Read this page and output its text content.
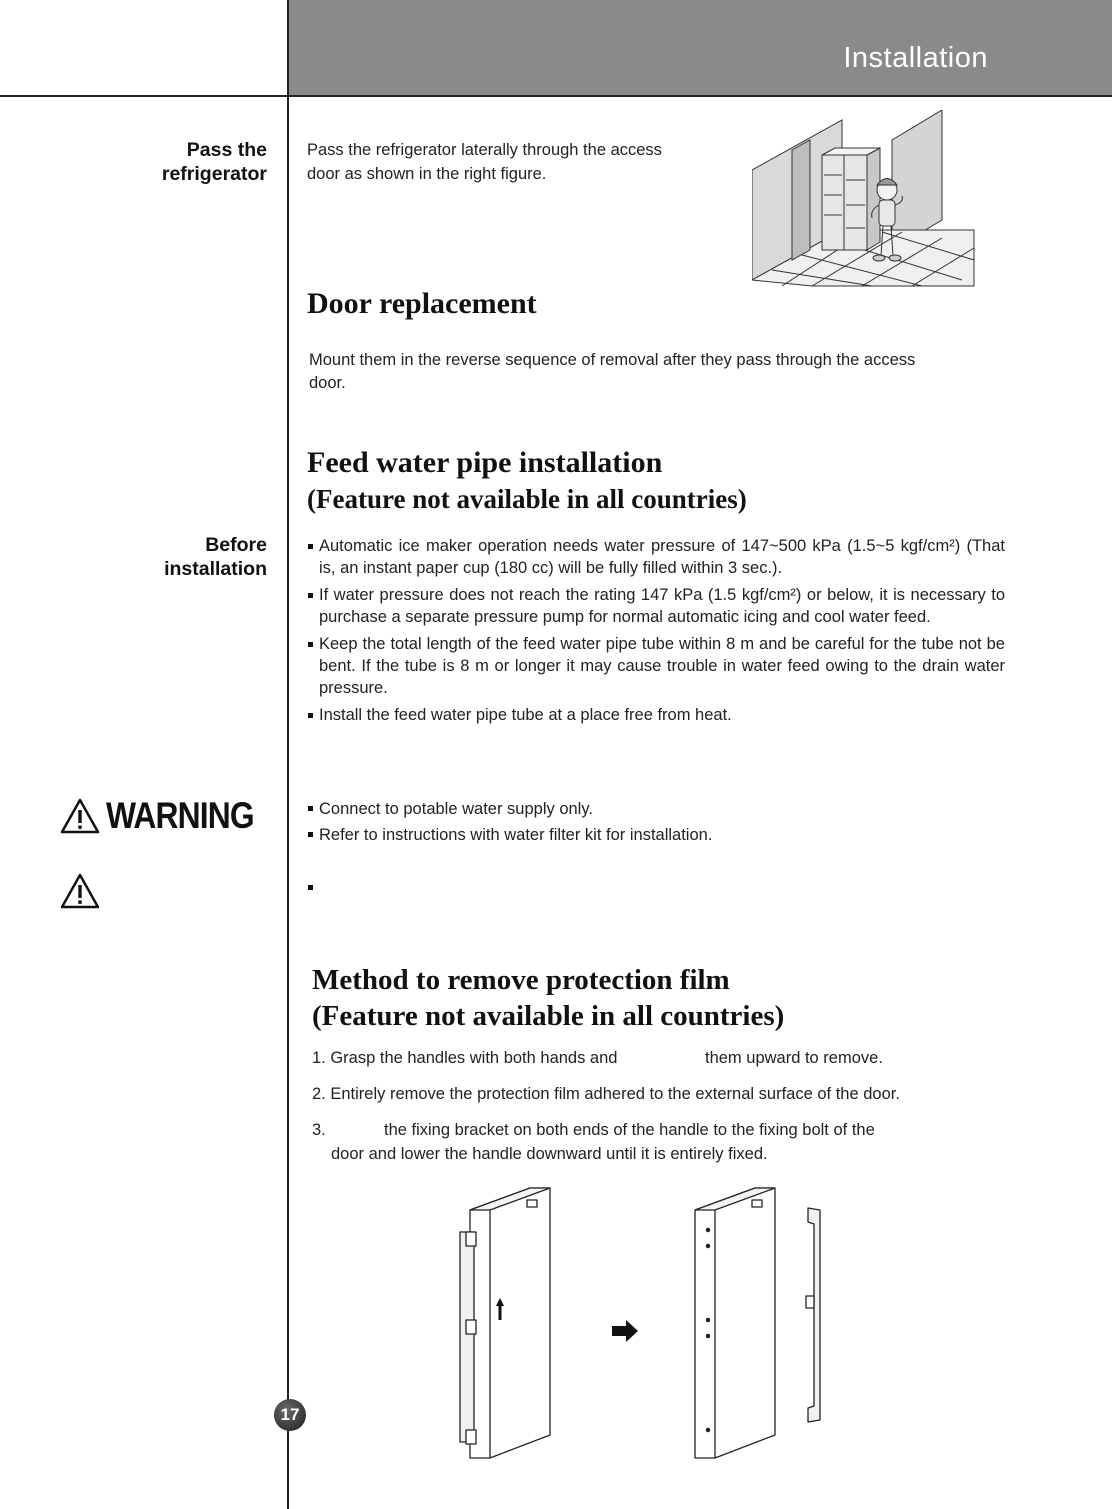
Installation
Pass the
refrigerator
Pass the refrigerator laterally through the access
door as shown in the right figure.
Door replacement
Mount them in the reverse sequence of removal after they pass through the access
door.
Feed water pipe installation
(Feature not available in all countries)
Before
installation
Automatic ice maker operation needs water pressure of 147~500 kPa (1.5~5 kgf/cm²) (That is, an instant paper cup (180 cc) will be fully filled within 3 sec.).
If water pressure does not reach the rating 147 kPa (1.5 kgf/cm²) or below, it is necessary to purchase a separate pressure pump for normal automatic icing and cool water feed.
Keep the total length of the feed water pipe tube within 8 m and be careful for the tube not be bent. If the tube is 8 m or longer it may cause trouble in water feed owing to the drain water pressure.
Install the feed water pipe tube at a place free from heat.
WARNING	Connect to potable water supply only.
Refer to instructions with water filter kit for installation.
Method to remove protection film
(Feature not available in all countries)
1. Grasp the handles with both hands and	them upward to remove.
2. Entirely remove the protection film adhered to the external surface of the door.
3.	the fixing bracket on both ends of the handle to the fixing bolt of the
door and lower the handle downward until it is entirely fixed.
17
